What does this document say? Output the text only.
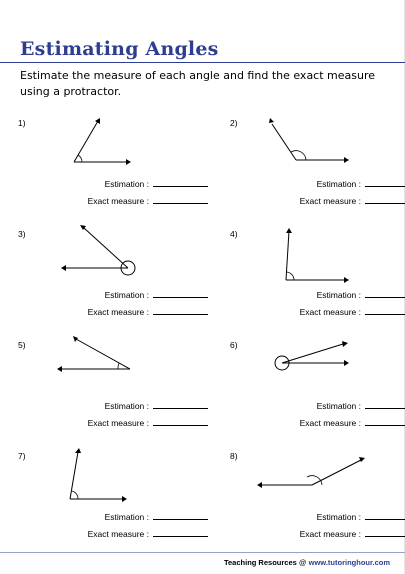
Estimating Angles
Estimate the measure of each angle and find the exact measure using a protractor.
1)
Estimation :
Exact measure :
2)
Estimation :
Exact measure :
3)
Estimation :
Exact measure :
4)
Estimation :
Exact measure :
5)
Estimation :
Exact measure :
6)
Estimation :
Exact measure :
7)
Estimation :
Exact measure :
8)
Estimation :
Exact measure :
Teaching Resources @ www.tutoringhour.com
